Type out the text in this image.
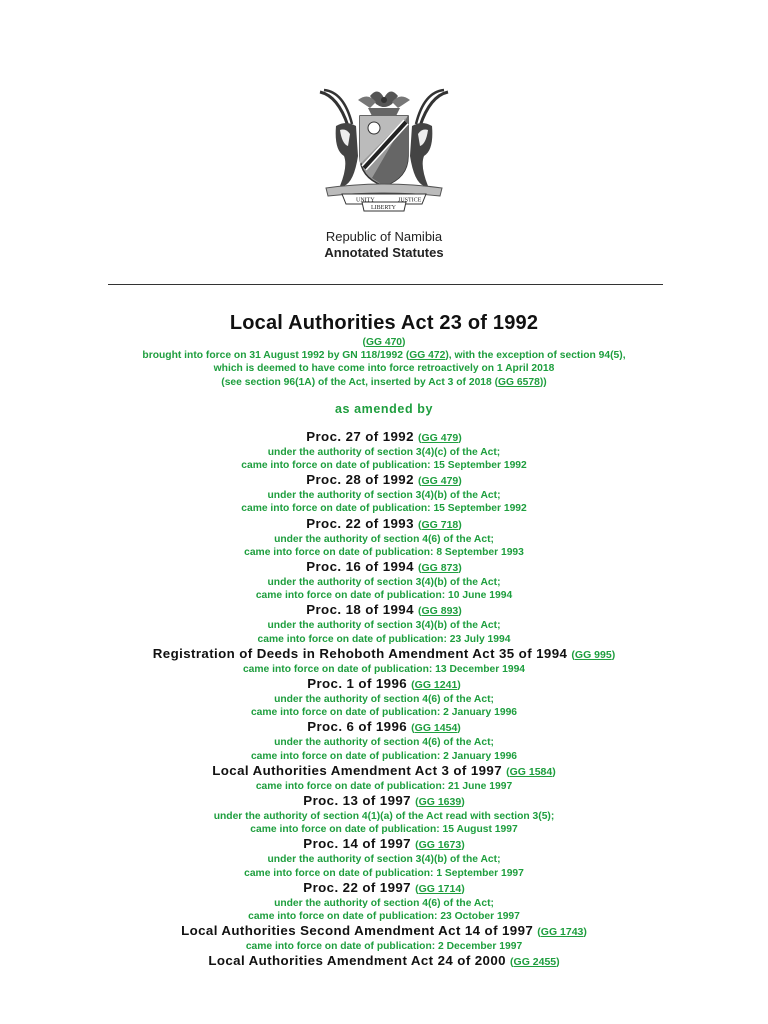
UNITY	JUSTICE
LIBERTY
Republic of Namibia
Annotated Statutes
Local Authorities Act 23 of 1992
(GG 470)
brought into force on 31 August 1992 by GN 118/1992 (GG 472), with the exception of section 94(5),
which is deemed to have come into force retroactively on 1 April 2018
(see section 96(1A) of the Act, inserted by Act 3 of 2018 (GG 6578))
as amended by
Proc. 27 of 1992 (GG 479)
under the authority of section 3(4)(c) of the Act;
came into force on date of publication: 15 September 1992
Proc. 28 of 1992 (GG 479)
under the authority of section 3(4)(b) of the Act;
came into force on date of publication: 15 September 1992
Proc. 22 of 1993 (GG 718)
under the authority of section 4(6) of the Act;
came into force on date of publication: 8 September 1993
Proc. 16 of 1994 (GG 873)
under the authority of section 3(4)(b) of the Act;
came into force on date of publication: 10 June 1994
Proc. 18 of 1994 (GG 893)
under the authority of section 3(4)(b) of the Act;
came into force on date of publication: 23 July 1994
Registration of Deeds in Rehoboth Amendment Act 35 of 1994 (GG 995)
came into force on date of publication: 13 December 1994
Proc. 1 of 1996 (GG 1241)
under the authority of section 4(6) of the Act;
came into force on date of publication: 2 January 1996
Proc. 6 of 1996 (GG 1454)
under the authority of section 4(6) of the Act;
came into force on date of publication: 2 January 1996
Local Authorities Amendment Act 3 of 1997 (GG 1584)
came into force on date of publication: 21 June 1997
Proc. 13 of 1997 (GG 1639)
under the authority of section 4(1)(a) of the Act read with section 3(5);
came into force on date of publication: 15 August 1997
Proc. 14 of 1997 (GG 1673)
under the authority of section 3(4)(b) of the Act;
came into force on date of publication: 1 September 1997
Proc. 22 of 1997 (GG 1714)
under the authority of section 4(6) of the Act;
came into force on date of publication: 23 October 1997
Local Authorities Second Amendment Act 14 of 1997 (GG 1743)
came into force on date of publication: 2 December 1997
Local Authorities Amendment Act 24 of 2000 (GG 2455)
